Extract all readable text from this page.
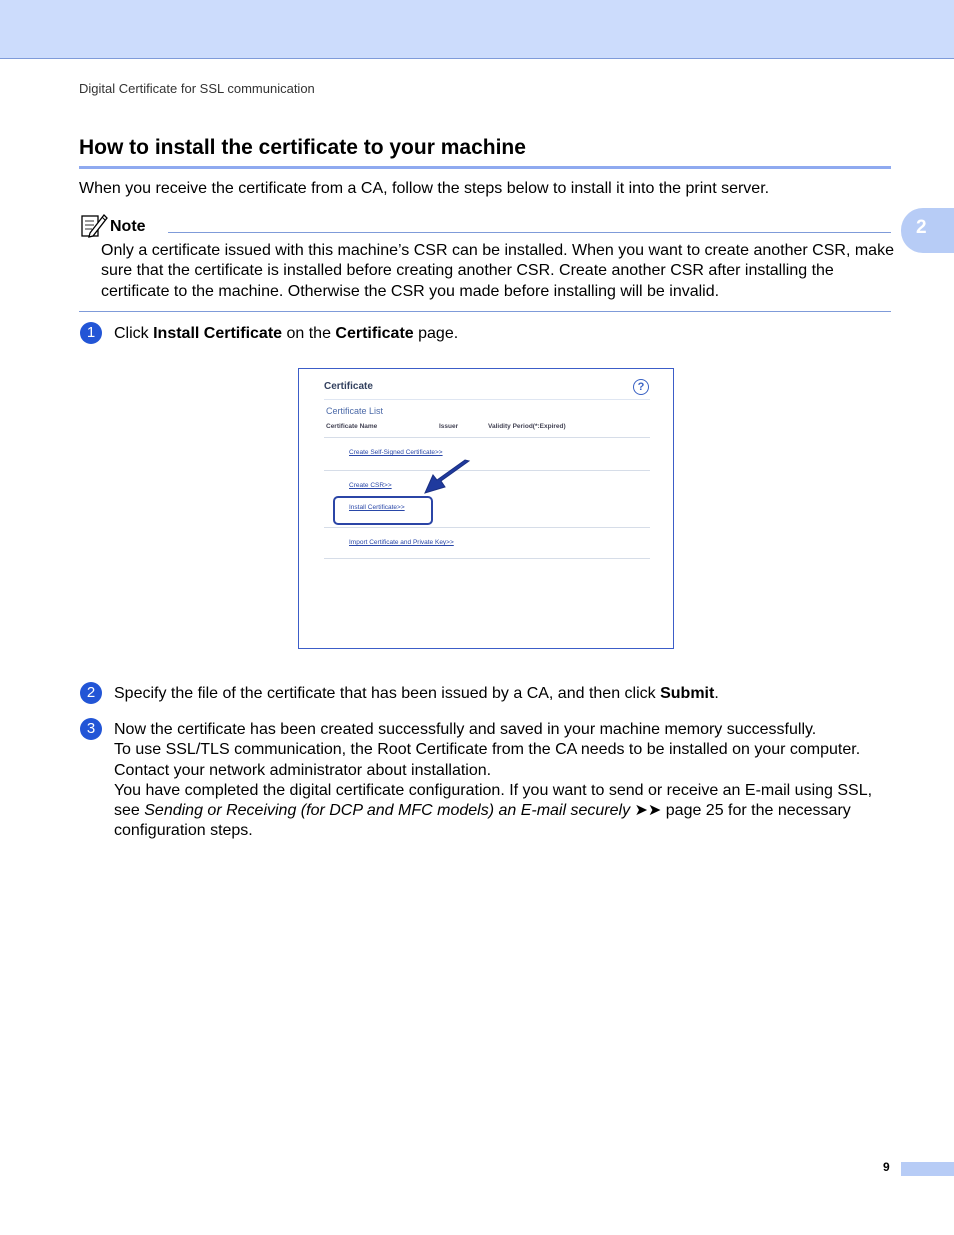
Digital Certificate for SSL communication
2
How to install the certificate to your machine
When you receive the certificate from a CA, follow the steps below to install it into the print server.
Note
Only a certificate issued with this machine’s CSR can be installed. When you want to create another CSR, make sure that the certificate is installed before creating another CSR. Create another CSR after installing the certificate to the machine. Otherwise the CSR you made before installing will be invalid.
1	Click Install Certificate on the Certificate page.
Certificate	?
Certificate List
Certificate Name	Issuer	Validity Period(*:Expired)
Create Self-Signed Certificate>>
Create CSR>>
Install Certificate>>
Import Certificate and Private Key>>
2	Specify the file of the certificate that has been issued by a CA, and then click Submit.
3	Now the certificate has been created successfully and saved in your machine memory successfully.
To use SSL/TLS communication, the Root Certificate from the CA needs to be installed on your computer. Contact your network administrator about installation.
You have completed the digital certificate configuration. If you want to send or receive an E-mail using SSL, see Sending or Receiving (for DCP and MFC models) an E-mail securely ➤➤ page 25 for the necessary configuration steps.
9
